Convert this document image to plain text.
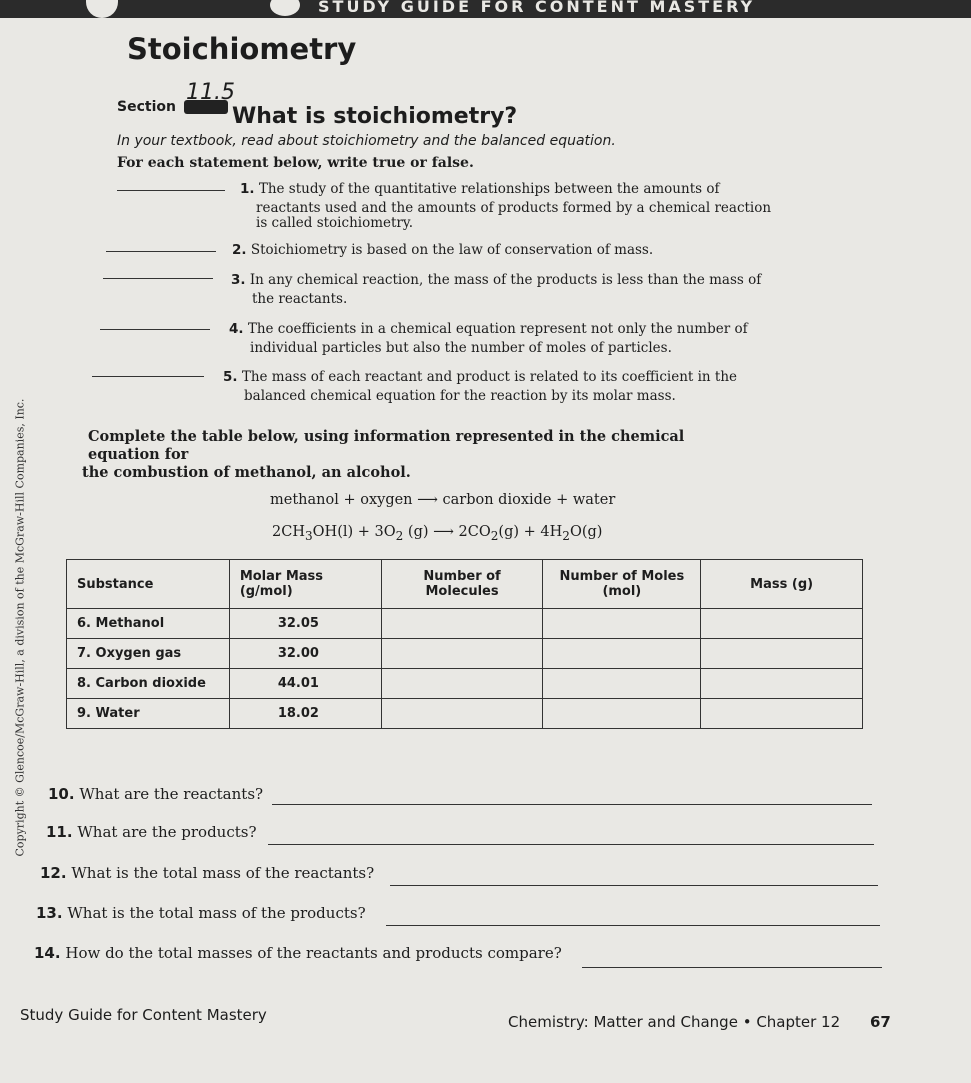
STUDY GUIDE FOR CONTENT MASTERY
Stoichiometry
Section
11.5
What is stoichiometry?
In your textbook, read about stoichiometry and the balanced equation.
For each statement below, write true or false.
1. The study of the quantitative relationships between the amounts of
reactants used and the amounts of products formed by a chemical reaction
is called stoichiometry.
2. Stoichiometry is based on the law of conservation of mass.
3. In any chemical reaction, the mass of the products is less than the mass of
the reactants.
4. The coefficients in a chemical equation represent not only the number of
individual particles but also the number of moles of particles.
5. The mass of each reactant and product is related to its coefficient in the
balanced chemical equation for the reaction by its molar mass.
Complete the table below, using information represented in the chemical equation for
the combustion of methanol, an alcohol.
methanol + oxygen ⟶ carbon dioxide + water
$2CH_3OH(l) + 3O_2$ (g) ⟶ $2CO_2(g) + 4H_2O(g)$
Substance	Molar Mass (g/mol)	Number of Molecules	Number of Moles (mol)	Mass (g)
6. Methanol	32.05			
7. Oxygen gas	32.00			
8. Carbon dioxide	44.01			
9. Water	18.02			
10. What are the reactants?
11. What are the products?
12. What is the total mass of the reactants?
13. What is the total mass of the products?
14. How do the total masses of the reactants and products compare?
Copyright © Glencoe/McGraw-Hill, a division of the McGraw-Hill Companies, Inc.
Study Guide for Content Mastery	Chemistry: Matter and Change • Chapter 12 67
